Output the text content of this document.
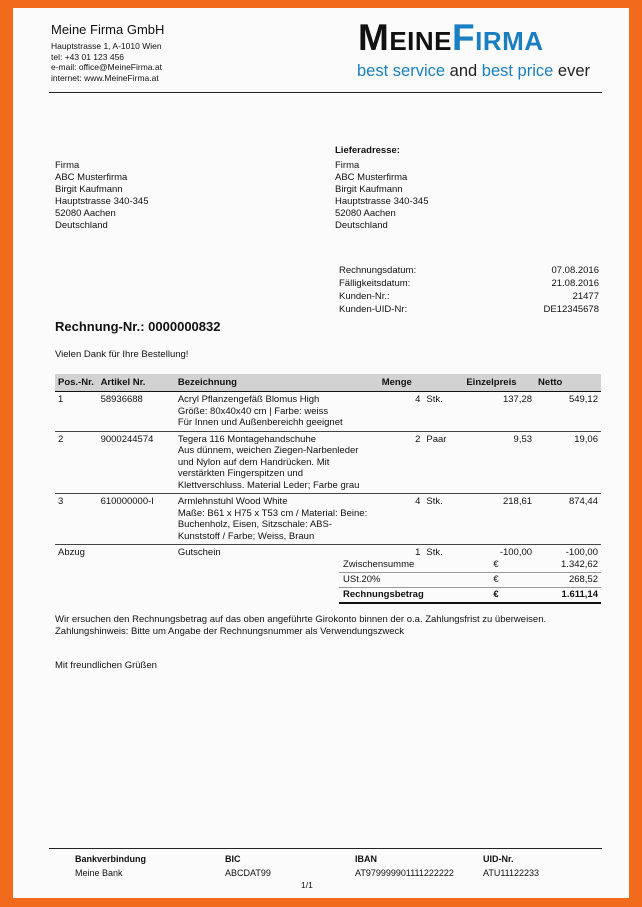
Meine Firma GmbH
Hauptstrasse 1, A-1010 Wien
tel: +43 01 123 456
e-mail: office@MeineFirma.at
internet: www.MeineFirma.at
MeineFirma
best service and best price ever
Firma
ABC Musterfirma
Birgit Kaufmann
Hauptstrasse 340-345
52080 Aachen
Deutschland
Lieferadresse:
Firma
ABC Musterfirma
Birgit Kaufmann
Hauptstrasse 340-345
52080 Aachen
Deutschland
Rechnungsdatum:	07.08.2016
Fälligkeitsdatum:	21.08.2016
Kunden-Nr.:	21477
Kunden-UID-Nr:	DE12345678
Rechnung-Nr.: 0000000832
Vielen Dank für Ihre Bestellung!
Pos.-Nr.	Artikel Nr.	Bezeichnung	Menge		Einzelpreis	Netto
1	58936688	Acryl Pflanzengefäß Blomus High
Größe: 80x40x40 cm | Farbe: weiss
Für Innen und Außenbereichh geeignet	4	Stk.	137,28	549,12
2	9000244574	Tegera 116 Montagehandschuhe
Aus dünnem, weichen Ziegen-Narbenleder
und Nylon auf dem Handrücken. Mit
verstärkten Fingerspitzen und
Klettverschluss. Material Leder; Farbe grau	2	Paar	9,53	19,06
3	610000000-I	Armlehnstuhl Wood White
Maße: B61 x H75 x T53 cm / Material: Beine:
Buchenholz, Eisen, Sitzschale: ABS-
Kunststoff / Farbe; Weiss, Braun	4	Stk.	218,61	874,44
Abzug		Gutschein	1	Stk.	-100,00	-100,00
Zwischensumme	€	1.342,62
USt.20%	€	268,52
Rechnungsbetrag	€	1.611,14
Wir ersuchen den Rechnungsbetrag auf das oben angeführte Girokonto binnen der o.a. Zahlungsfrist zu überweisen.
Zahlungshinweis: Bitte um Angabe der Rechnungsnummer als Verwendungszweck
Mit freundlichen Grüßen
Bankverbindung	BIC	IBAN	UID-Nr.
Meine Bank	ABCDAT99	AT979999901111222222	ATU11122233
1/1
